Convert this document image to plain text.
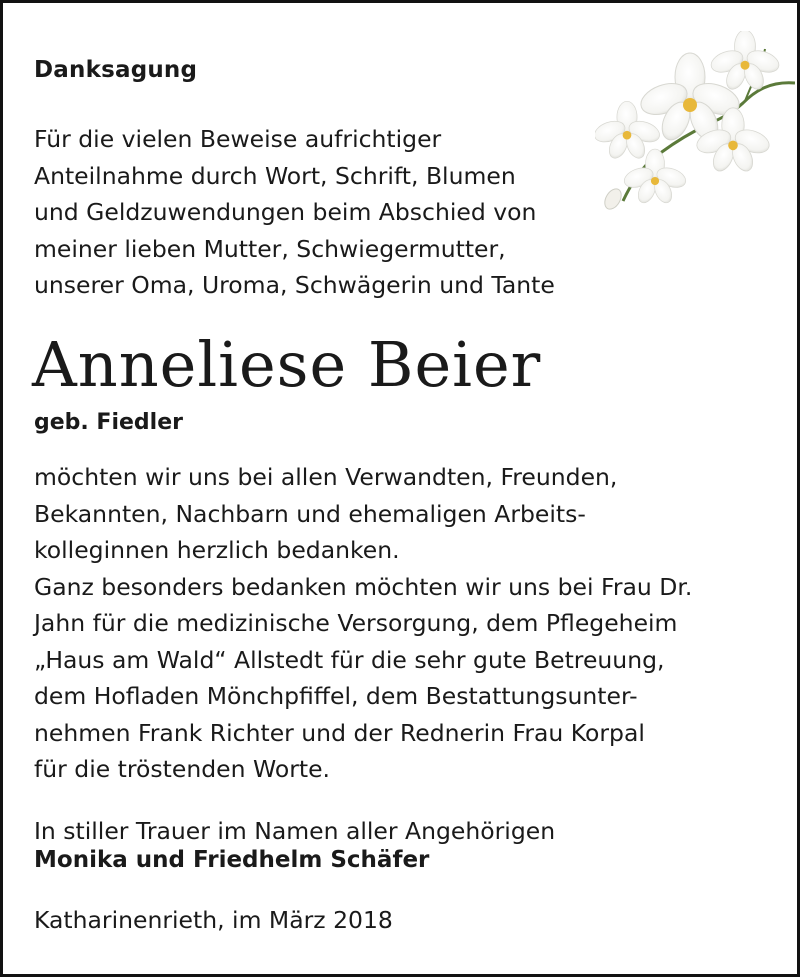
Danksagung

Für die vielen Beweise aufrichtiger
Anteilnahme durch Wort, Schrift, Blumen
und Geldzuwendungen beim Abschied von
meiner lieben Mutter, Schwiegermutter,
unserer Oma, Uroma, Schwägerin und Tante

Anneliese Beier
geb. Fiedler

möchten wir uns bei allen Verwandten, Freunden,
Bekannten, Nachbarn und ehemaligen Arbeits-
kolleginnen herzlich bedanken.
Ganz besonders bedanken möchten wir uns bei Frau Dr.
Jahn für die medizinische Versorgung, dem Pflegeheim
„Haus am Wald“ Allstedt für die sehr gute Betreuung,
dem Hofladen Mönchpfiffel, dem Bestattungsunter-
nehmen Frank Richter und der Rednerin Frau Korpal
für die tröstenden Worte.

In stiller Trauer im Namen aller Angehörigen

Monika und Friedhelm Schäfer
Katharinenrieth, im März 2018
